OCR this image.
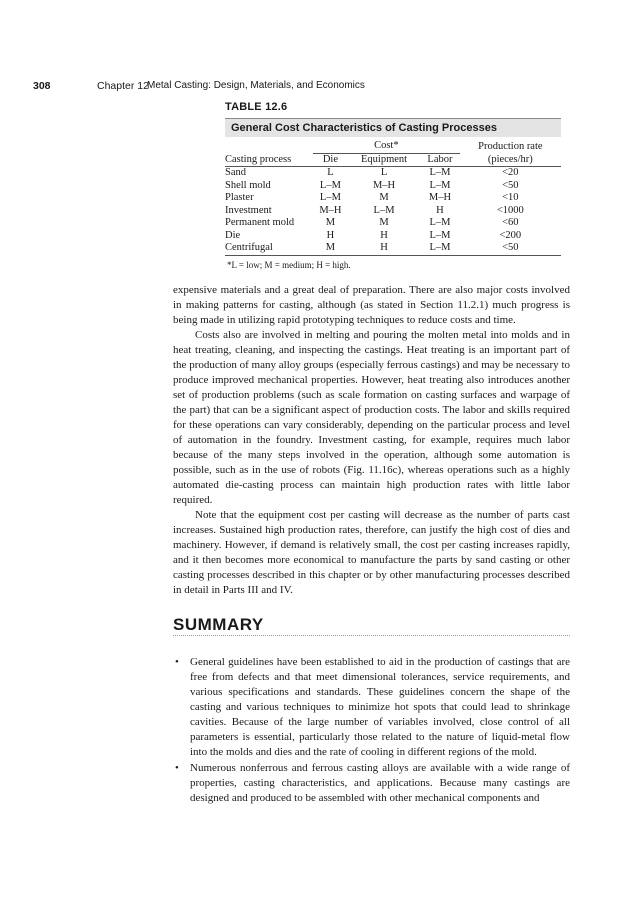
308	Chapter 12
Metal Casting: Design, Materials, and Economics
TABLE 12.6
General Cost Characteristics of Casting Processes
	Cost*			Production rate
Casting process	Die	Equipment	Labor	(pieces/hr)
Sand	L	L	L–M	<20
Shell mold	L–M	M–H	L–M	<50
Plaster	L–M	M	M–H	<10
Investment	M–H	L–M	H	<1000
Permanent mold	M	M	L–M	<60
Die	H	H	L–M	<200
Centrifugal	M	H	L–M	<50
*L = low; M = medium; H = high.

expensive materials and a great deal of preparation. There are also major costs involved in making patterns for casting, although (as stated in Section 11.2.1) much progress is being made in utilizing rapid prototyping techniques to reduce costs and time.

Costs also are involved in melting and pouring the molten metal into molds and in heat treating, cleaning, and inspecting the castings. Heat treating is an important part of the production of many alloy groups (especially ferrous castings) and may be necessary to produce improved mechanical properties. However, heat treating also introduces another set of production problems (such as scale formation on casting surfaces and warpage of the part) that can be a significant aspect of production costs. The labor and skills required for these operations can vary considerably, depending on the particular process and level of automation in the foundry. Investment casting, for example, requires much labor because of the many steps involved in the operation, although some automation is possible, such as in the use of robots (Fig. 11.16c), whereas operations such as a highly automated die-casting process can maintain high production rates with little labor required.

Note that the equipment cost per casting will decrease as the number of parts cast increases. Sustained high production rates, therefore, can justify the high cost of dies and machinery. However, if demand is relatively small, the cost per casting increases rapidly, and it then becomes more economical to manufacture the parts by sand casting or other casting processes described in this chapter or by other manufacturing processes described in detail in Parts III and IV.

SUMMARY
• General guidelines have been established to aid in the production of castings that are free from defects and that meet dimensional tolerances, service requirements, and various specifications and standards. These guidelines concern the shape of the casting and various techniques to minimize hot spots that could lead to shrinkage cavities. Because of the large number of variables involved, close control of all parameters is essential, particularly those related to the nature of liquid-metal flow into the molds and dies and the rate of cooling in different regions of the mold.
• Numerous nonferrous and ferrous casting alloys are available with a wide range of properties, casting characteristics, and applications. Because many castings are designed and produced to be assembled with other mechanical components and
